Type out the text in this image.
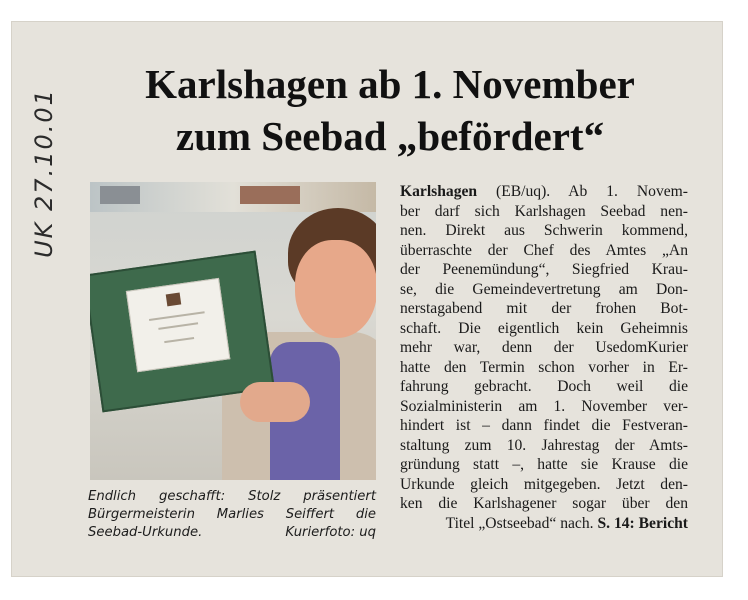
UK 27.10.01
Karlshagen ab 1. November
zum Seebad „befördert“

Endlich geschafft: Stolz präsentiert
Bürgermeisterin Marlies Seiffert die
Seebad-Urkunde.	Kurierfoto: uq

Karlshagen (EB/uq). Ab 1. Novem-
ber darf sich Karlshagen Seebad nen-
nen. Direkt aus Schwerin kommend,
überraschte der Chef des Amtes „An
der Peenemündung“, Siegfried Krau-
se, die Gemeindevertretung am Don-
nerstagabend mit der frohen Bot-
schaft. Die eigentlich kein Geheimnis
mehr war, denn der UsedomKurier
hatte den Termin schon vorher in Er-
fahrung gebracht. Doch weil die
Sozialministerin am 1. November ver-
hindert ist – dann findet die Festveran-
staltung zum 10. Jahrestag der Amts-
gründung statt –, hatte sie Krause die
Urkunde gleich mitgegeben. Jetzt den-
ken die Karlshagener sogar über den
Titel „Ostseebad“ nach. S. 14: Bericht
